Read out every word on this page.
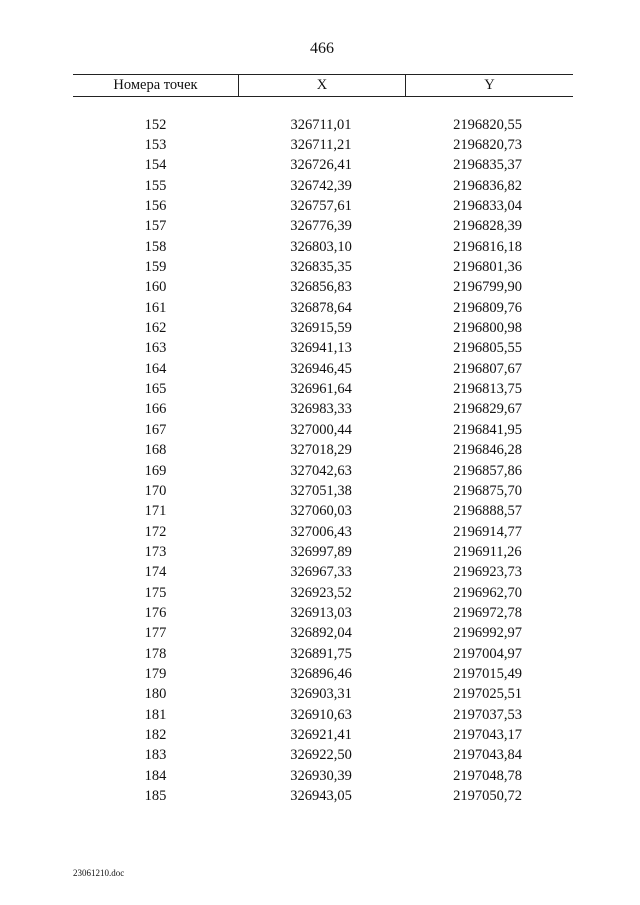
466
Номера точек	X	Y
152	326711,01	2196820,55
153	326711,21	2196820,73
154	326726,41	2196835,37
155	326742,39	2196836,82
156	326757,61	2196833,04
157	326776,39	2196828,39
158	326803,10	2196816,18
159	326835,35	2196801,36
160	326856,83	2196799,90
161	326878,64	2196809,76
162	326915,59	2196800,98
163	326941,13	2196805,55
164	326946,45	2196807,67
165	326961,64	2196813,75
166	326983,33	2196829,67
167	327000,44	2196841,95
168	327018,29	2196846,28
169	327042,63	2196857,86
170	327051,38	2196875,70
171	327060,03	2196888,57
172	327006,43	2196914,77
173	326997,89	2196911,26
174	326967,33	2196923,73
175	326923,52	2196962,70
176	326913,03	2196972,78
177	326892,04	2196992,97
178	326891,75	2197004,97
179	326896,46	2197015,49
180	326903,31	2197025,51
181	326910,63	2197037,53
182	326921,41	2197043,17
183	326922,50	2197043,84
184	326930,39	2197048,78
185	326943,05	2197050,72
23061210.doc
